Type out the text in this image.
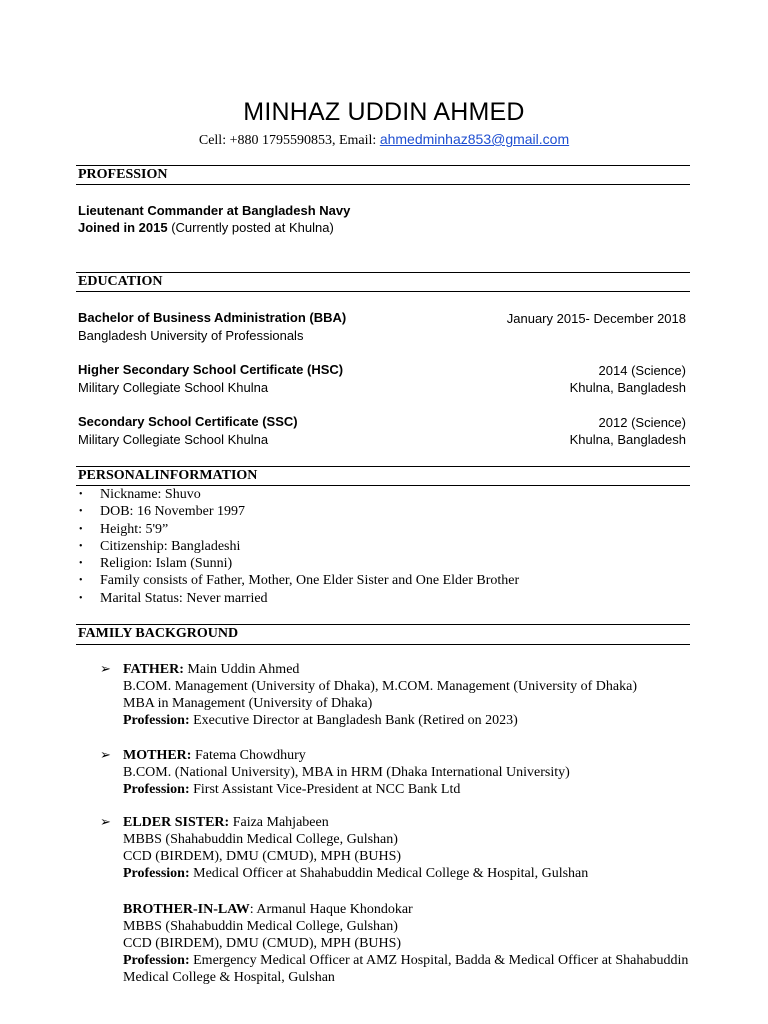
MINHAZ UDDIN AHMED
Cell: +880 1795590853, Email: ahmedminhaz853@gmail.com
PROFESSION
Lieutenant Commander at Bangladesh Navy
Joined in 2015 (Currently posted at Khulna)
EDUCATION
Bachelor of Business Administration (BBA)
Bangladesh University of Professionals
January 2015- December 2018
Higher Secondary School Certificate (HSC)
Military Collegiate School Khulna
2014 (Science)
Khulna, Bangladesh
Secondary School Certificate (SSC)
Military Collegiate School Khulna
2012 (Science)
Khulna, Bangladesh
PERSONALINFORMATION
• Nickname: Shuvo
• DOB: 16 November 1997
• Height: 5'9”
• Citizenship: Bangladeshi
• Religion: Islam (Sunni)
• Family consists of Father, Mother, One Elder Sister and One Elder Brother
• Marital Status: Never married
FAMILY BACKGROUND
➢ FATHER: Main Uddin Ahmed
B.COM. Management (University of Dhaka), M.COM. Management (University of Dhaka)
MBA in Management (University of Dhaka)
Profession: Executive Director at Bangladesh Bank (Retired on 2023)
➢ MOTHER: Fatema Chowdhury
B.COM. (National University), MBA in HRM (Dhaka International University)
Profession: First Assistant Vice-President at NCC Bank Ltd
➢ ELDER SISTER: Faiza Mahjabeen
MBBS (Shahabuddin Medical College, Gulshan)
CCD (BIRDEM), DMU (CMUD), MPH (BUHS)
Profession: Medical Officer at Shahabuddin Medical College & Hospital, Gulshan
BROTHER-IN-LAW: Armanul Haque Khondokar
MBBS (Shahabuddin Medical College, Gulshan)
CCD (BIRDEM), DMU (CMUD), MPH (BUHS)
Profession: Emergency Medical Officer at AMZ Hospital, Badda & Medical Officer at Shahabuddin
Medical College & Hospital, Gulshan
